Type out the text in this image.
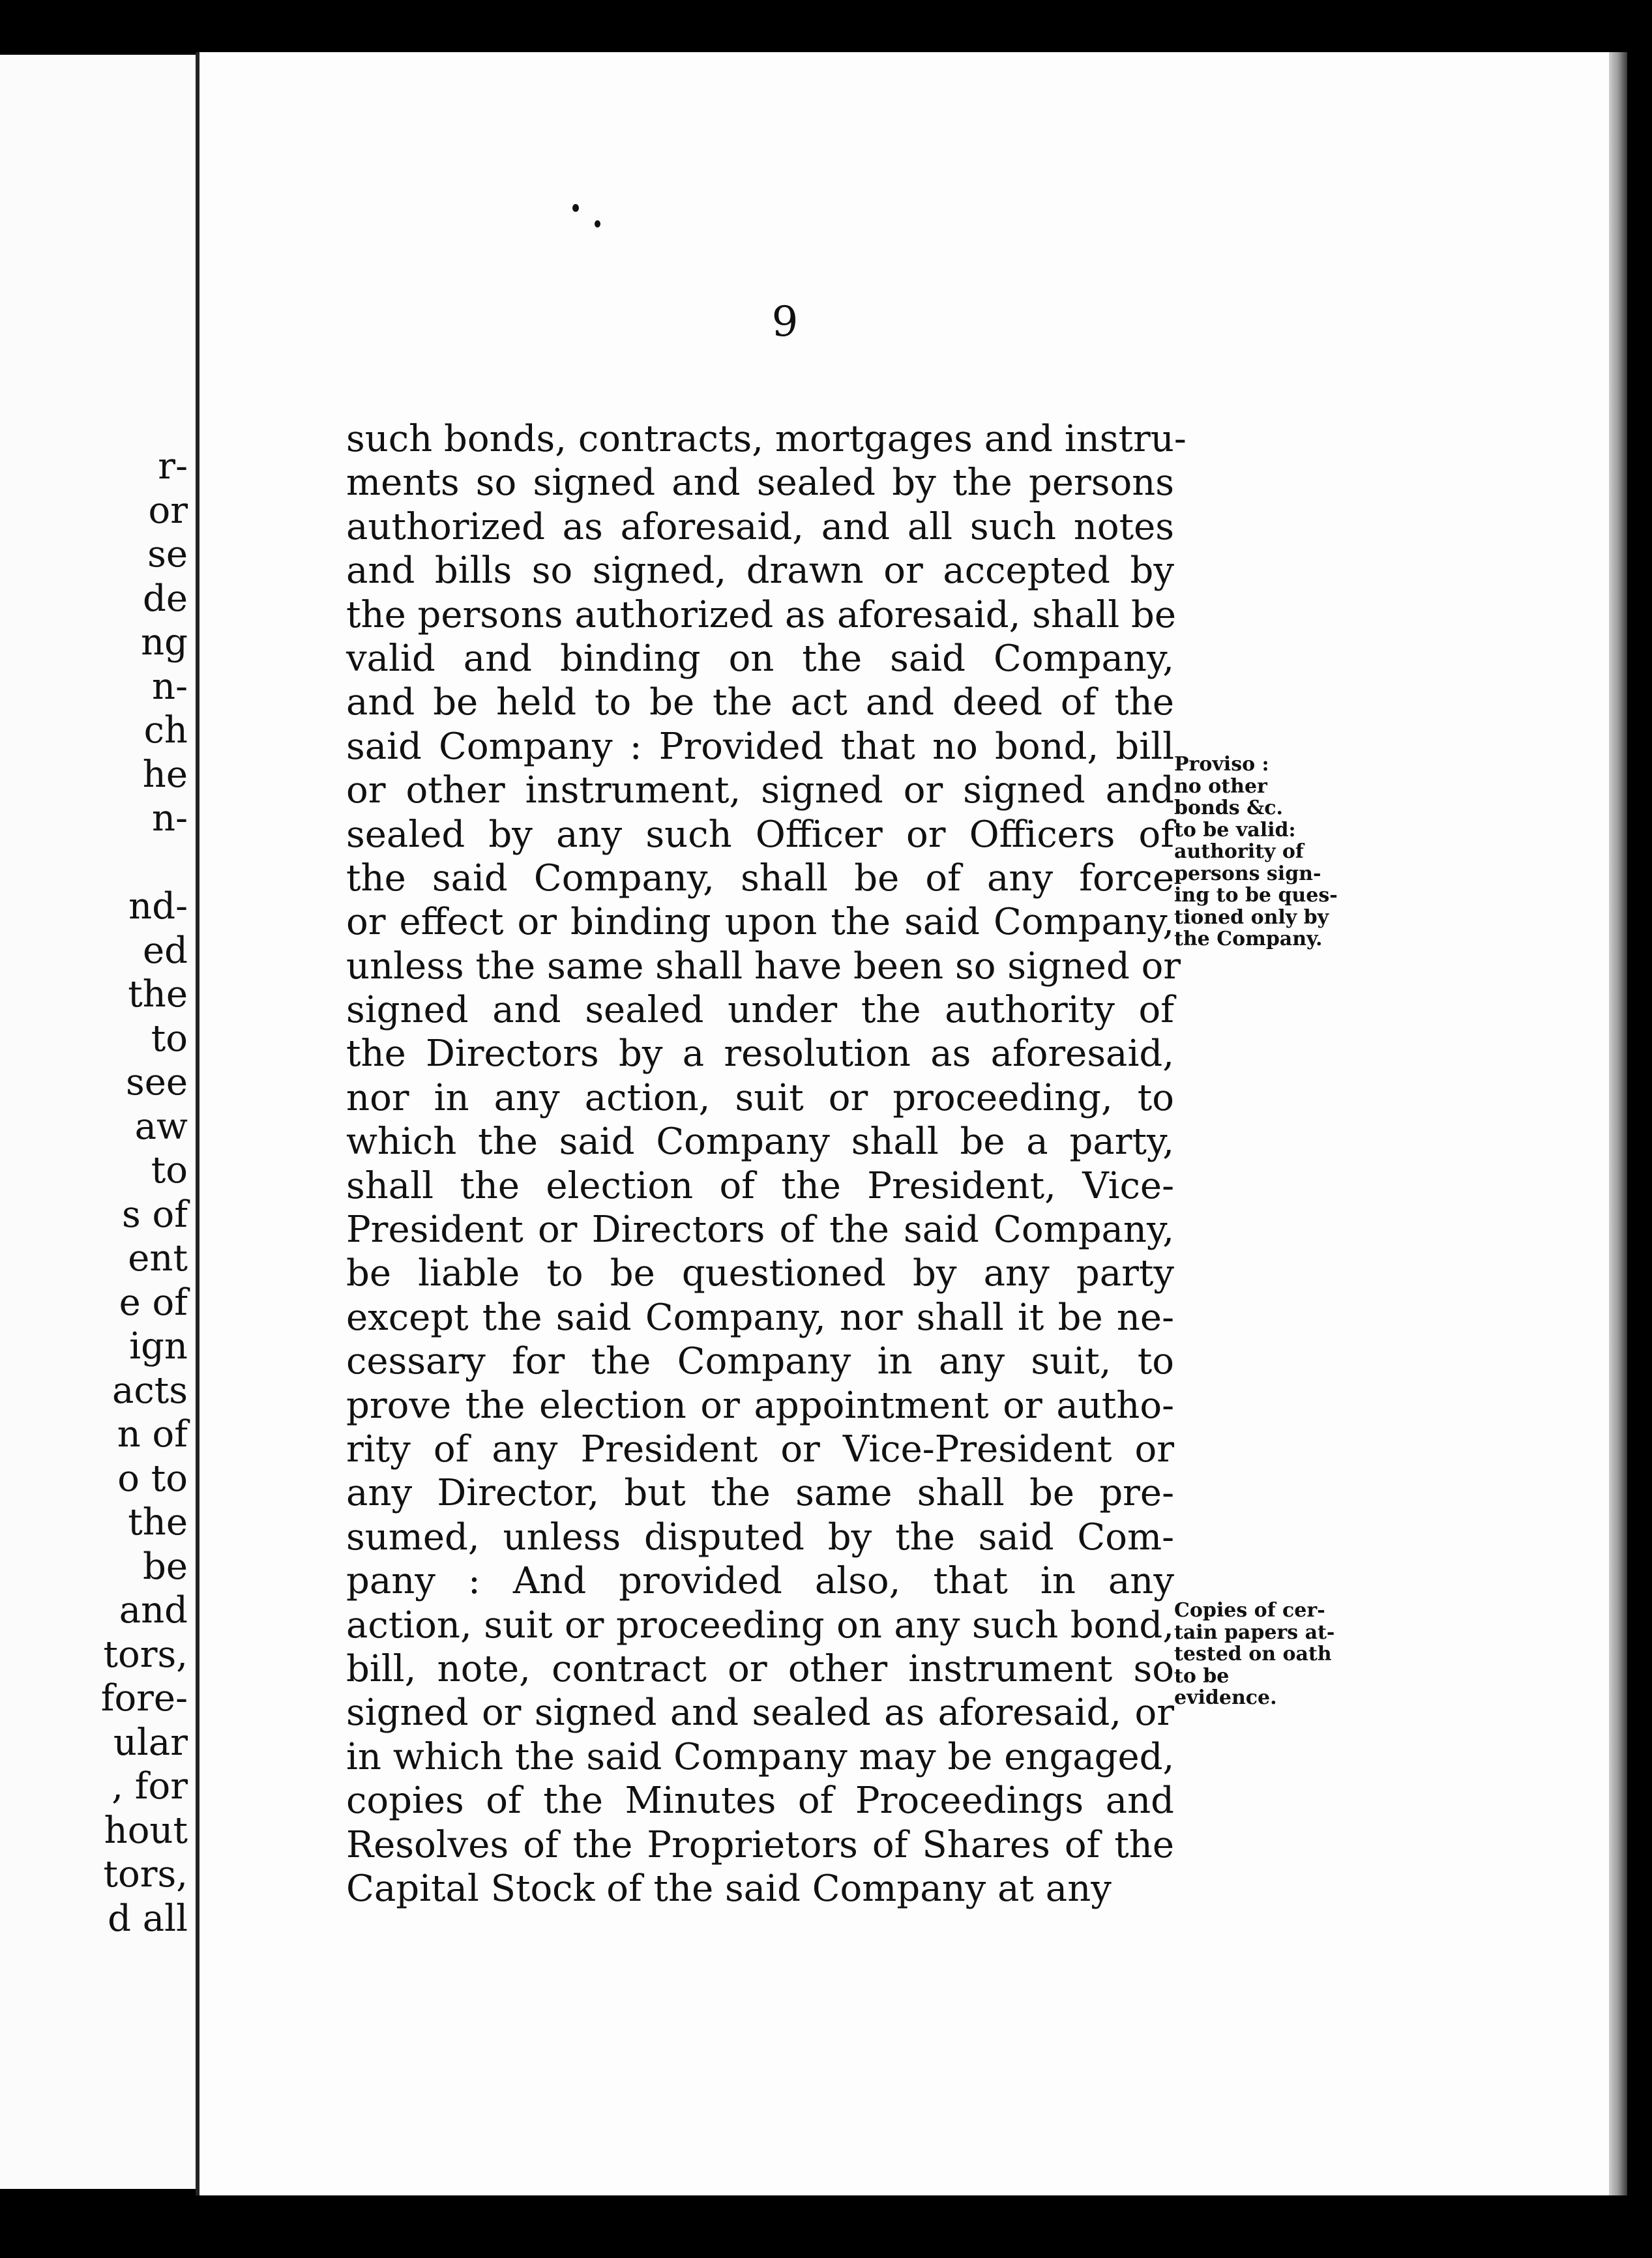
r-
or
se
de
ng
n-
ch
he
n-
nd-
ed
the
to
see
aw
to
s of
ent
e of
ign
acts
n of
o to
the
be
and
tors,
fore-
ular
, for
hout
tors,
d all
9
such bonds, contracts, mortgages and instru-
ments so signed and sealed by the persons
authorized as aforesaid, and all such notes
and bills so signed, drawn or accepted by
the persons authorized as aforesaid, shall be
valid and binding on the said Company,
and be held to be the act and deed of the
said Company : Provided that no bond, bill
or other instrument, signed or signed and
sealed by any such Officer or Officers of
the said Company, shall be of any force
or effect or binding upon the said Company,
unless the same shall have been so signed or
signed and sealed under the authority of
the Directors by a resolution as aforesaid,
nor in any action, suit or proceeding, to
which the said Company shall be a party,
shall the election of the President, Vice-
President or Directors of the said Company,
be liable to be questioned by any party
except the said Company, nor shall it be ne-
cessary for the Company in any suit, to
prove the election or appointment or autho-
rity of any President or Vice-President or
any Director, but the same shall be pre-
sumed, unless disputed by the said Com-
pany : And provided also, that in any
action, suit or proceeding on any such bond,
bill, note, contract or other instrument so
signed or signed and sealed as aforesaid, or
in which the said Company may be engaged,
copies of the Minutes of Proceedings and
Resolves of the Proprietors of Shares of the
Capital Stock of the said Company at any
Proviso :
no other
bonds &c.
to be valid:
authority of
persons sign-
ing to be ques-
tioned only by
the Company.
Copies of cer-
tain papers at-
tested on oath
to be
evidence.
